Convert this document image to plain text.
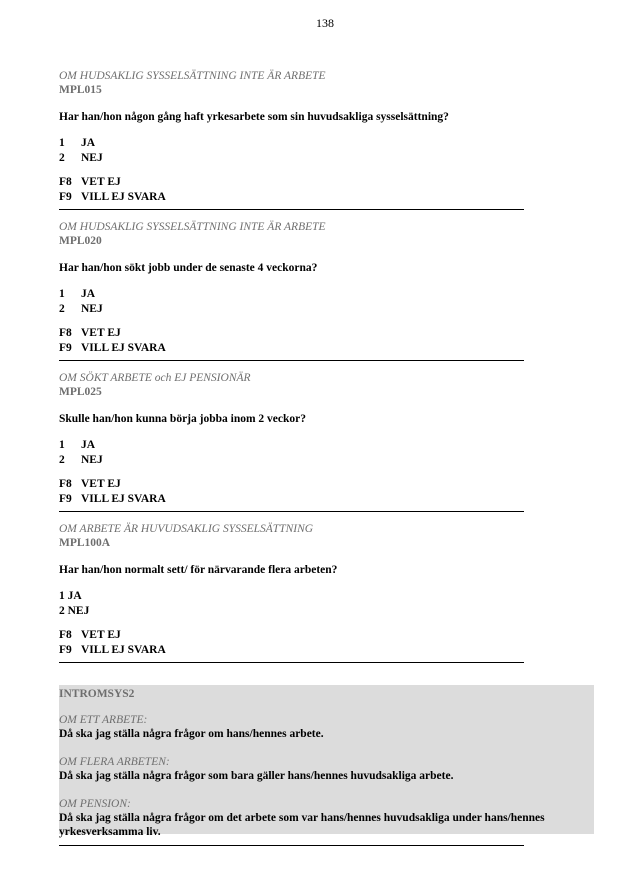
138
OM HUDSAKLIG SYSSELSÄTTNING INTE ÄR ARBETE
MPL015
Har han/hon någon gång haft yrkesarbete som sin huvudsakliga sysselsättning?
1 JA
2 NEJ
F8 VET EJ
F9 VILL EJ SVARA
OM HUDSAKLIG SYSSELSÄTTNING INTE ÄR ARBETE
MPL020
Har han/hon sökt jobb under de senaste 4 veckorna?
1 JA
2 NEJ
F8 VET EJ
F9 VILL EJ SVARA
OM SÖKT ARBETE och EJ PENSIONÄR
MPL025
Skulle han/hon kunna börja jobba inom 2 veckor?
1 JA
2 NEJ
F8 VET EJ
F9 VILL EJ SVARA
OM ARBETE ÄR HUVUDSAKLIG SYSSELSÄTTNING
MPL100A
Har han/hon normalt sett/ för närvarande flera arbeten?
1 JA
2 NEJ
F8 VET EJ
F9 VILL EJ SVARA
INTROMSYS2
OM ETT ARBETE:
Då ska jag ställa några frågor om hans/hennes arbete.
OM FLERA ARBETEN:
Då ska jag ställa några frågor som bara gäller hans/hennes huvudsakliga arbete.
OM PENSION:
Då ska jag ställa några frågor om det arbete som var hans/hennes huvudsakliga under hans/hennes yrkesverksamma liv.
